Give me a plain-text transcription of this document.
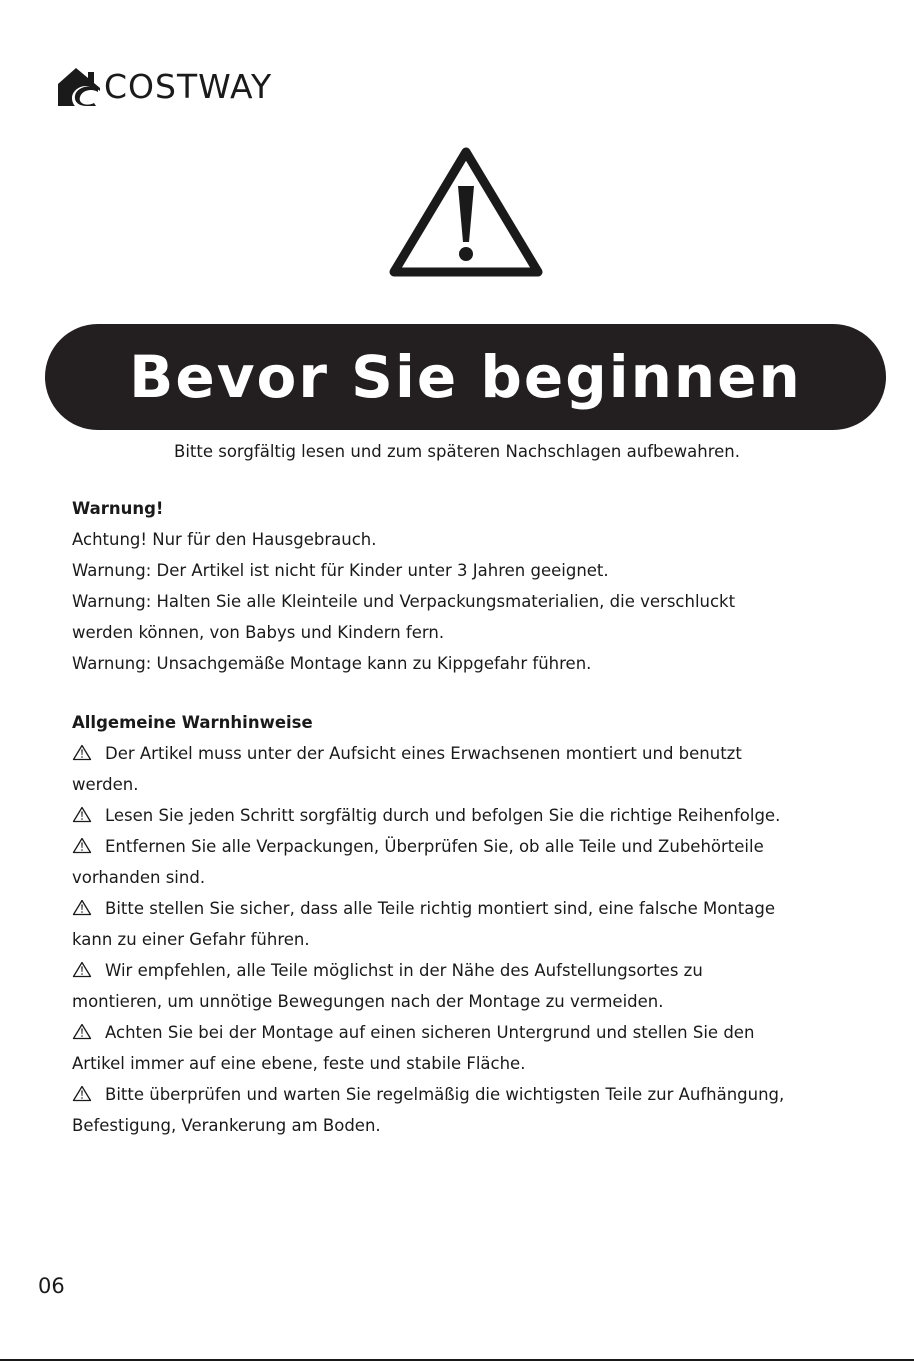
COSTWAY
Bevor Sie beginnen
Bitte sorgfältig lesen und zum späteren Nachschlagen aufbewahren.
Warnung!
Achtung! Nur für den Hausgebrauch.
Warnung: Der Artikel ist nicht für Kinder unter 3 Jahren geeignet.
Warnung: Halten Sie alle Kleinteile und Verpackungsmaterialien, die verschluckt
werden können, von Babys und Kindern fern.
Warnung: Unsachgemäße Montage kann zu Kippgefahr führen.
Allgemeine Warnhinweise
Der Artikel muss unter der Aufsicht eines Erwachsenen montiert und benutzt
werden.
Lesen Sie jeden Schritt sorgfältig durch und befolgen Sie die richtige Reihenfolge.
Entfernen Sie alle Verpackungen, Überprüfen Sie, ob alle Teile und Zubehörteile
vorhanden sind.
Bitte stellen Sie sicher, dass alle Teile richtig montiert sind, eine falsche Montage
kann zu einer Gefahr führen.
Wir empfehlen, alle Teile möglichst in der Nähe des Aufstellungsortes zu
montieren, um unnötige Bewegungen nach der Montage zu vermeiden.
Achten Sie bei der Montage auf einen sicheren Untergrund und stellen Sie den
Artikel immer auf eine ebene, feste und stabile Fläche.
Bitte überprüfen und warten Sie regelmäßig die wichtigsten Teile zur Aufhängung,
Befestigung, Verankerung am Boden.
06
